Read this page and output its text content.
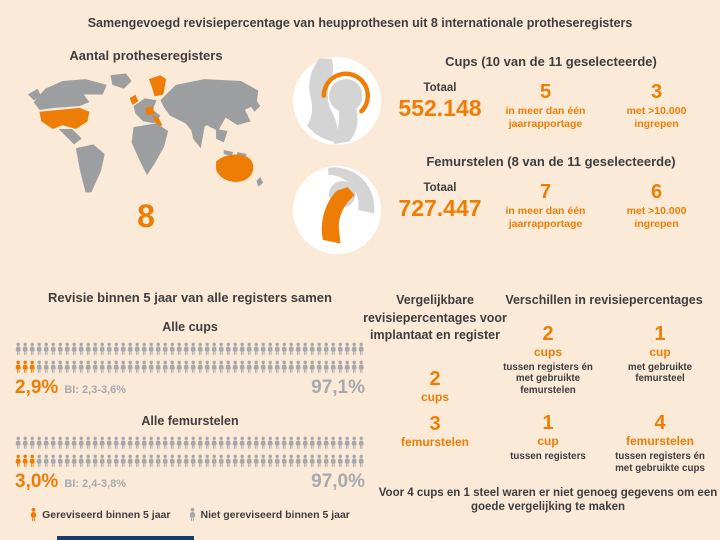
Samengevoegd revisiepercentage van heupprothesen uit 8 internationale protheseregisters
Aantal protheseregisters
8
Cups (10 van de 11 geselecteerde)
Totaal
552.148
5
in meer dan één jaarrapportage
3
met >10.000 ingrepen
Femurstelen (8 van de 11 geselecteerde)
Totaal
727.447
7
in meer dan één jaarrapportage
6
met >10.000 ingrepen
Revisie binnen 5 jaar van alle registers samen
Alle cups
2,9% BI: 2,3-3,6%	97,1%
Alle femurstelen
3,0% BI: 2,4-3,8%	97,0%
Gereviseerd binnen 5 jaar	Niet gereviseerd binnen 5 jaar
Vergelijkbare revisiepercentages voor implantaat en register
2
cups
3
femurstelen
Verschillen in revisiepercentages
2
cups
tussen registers én met gebruikte femurstelen
1
cup
met gebruikte femursteel
1
cup
tussen registers
4
femurstelen
tussen registers én met gebruikte cups
Voor 4 cups en 1 steel waren er niet genoeg gegevens om een goede vergelijking te maken
